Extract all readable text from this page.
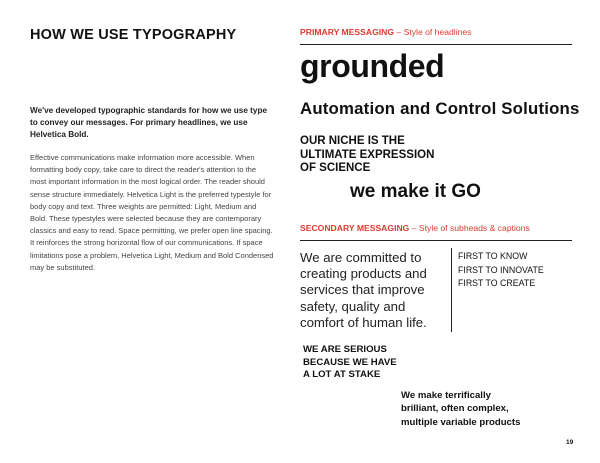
HOW WE USE TYPOGRAPHY
We've developed typographic standards for how we use type to convey our messages. For primary headlines, we use Helvetica Bold.
Effective communications make information more accessible. When formatting body copy, take care to direct the reader's attention to the most important information in the most logical order. The reader should sense structure immediately. Helvetica Light is the preferred typestyle for body copy and text. Three weights are permitted: Light, Medium and Bold. These typestyles were selected because they are contemporary classics and easy to read. Space permitting, we prefer open line spacing. It reinforces the strong horizontal flow of our communications. If space limitations pose a problem, Helvetica Light, Medium and Bold Condensed may be substituted.
PRIMARY MESSAGING – Style of headlines
grounded
Automation and Control Solutions
OUR NICHE IS THE
ULTIMATE EXPRESSION
OF SCIENCE
we make it GO
SECONDARY MESSAGING – Style of subheads & captions
We are committed to creating products and services that improve safety, quality and comfort of human life.
FIRST TO KNOW
FIRST TO INNOVATE
FIRST TO CREATE
WE ARE SERIOUS
BECAUSE WE HAVE
A LOT AT STAKE
We make terrifically
brilliant, often complex,
multiple variable products
19
